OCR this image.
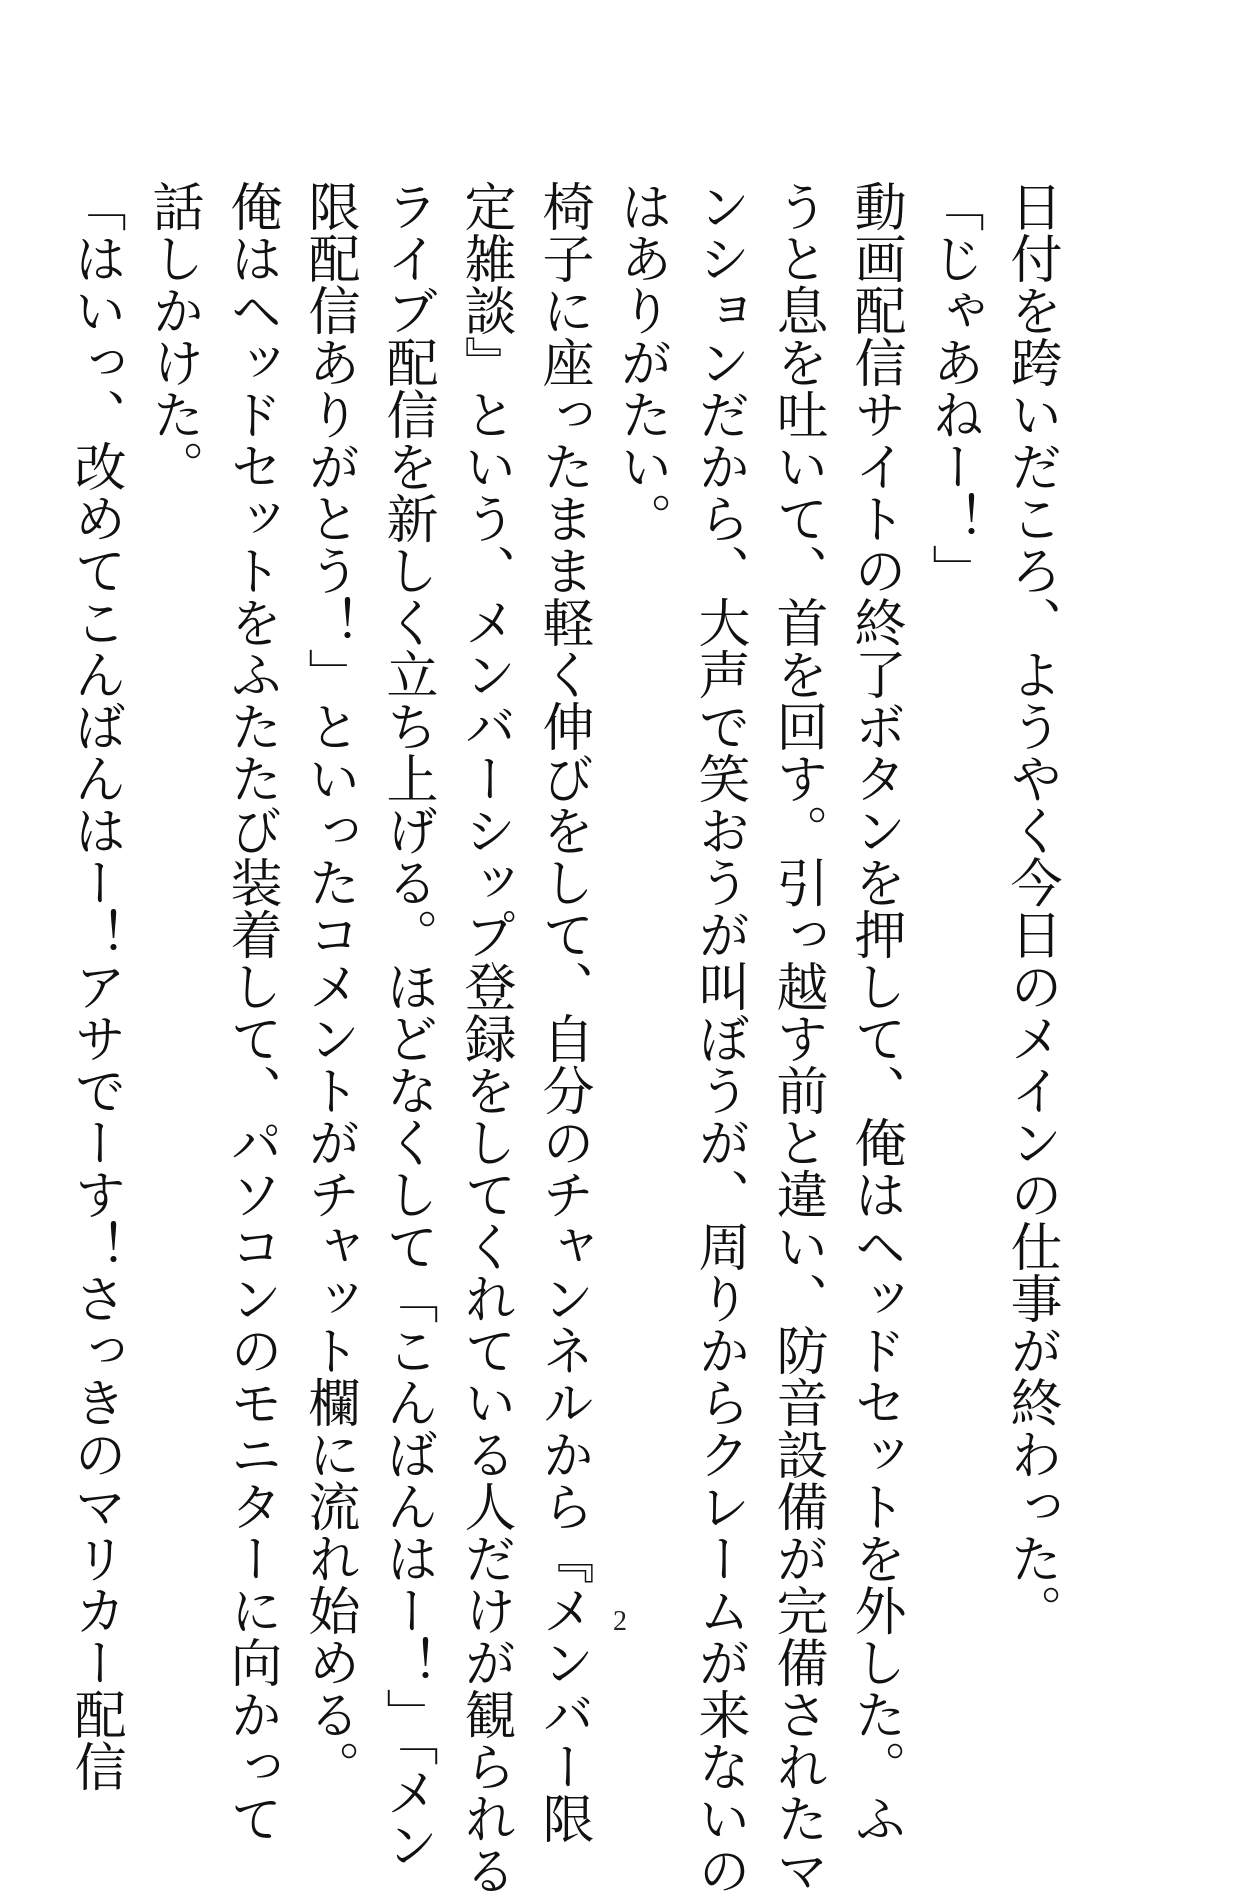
日付を跨いだころ、ようやく今日のメインの仕事が終わった。
「じゃあねー！」
動画配信サイトの終了ボタンを押して、俺はヘッドセットを外した。ふ
うと息を吐いて、首を回す。引っ越す前と違い、防音設備が完備されたマ
ンションだから、大声で笑おうが叫ぼうが、周りからクレームが来ないの
はありがたい。
椅子に座ったまま軽く伸びをして、自分のチャンネルから『メンバー限
定雑談』という、メンバーシップ登録をしてくれている人だけが観られる
ライブ配信を新しく立ち上げる。ほどなくして「こんばんはー！」「メン
限配信ありがとう！」といったコメントがチャット欄に流れ始める。
俺はヘッドセットをふたたび装着して、パソコンのモニターに向かって
話しかけた。
「はいっ、改めてこんばんはー！アサでーす！さっきのマリカー配信	2
